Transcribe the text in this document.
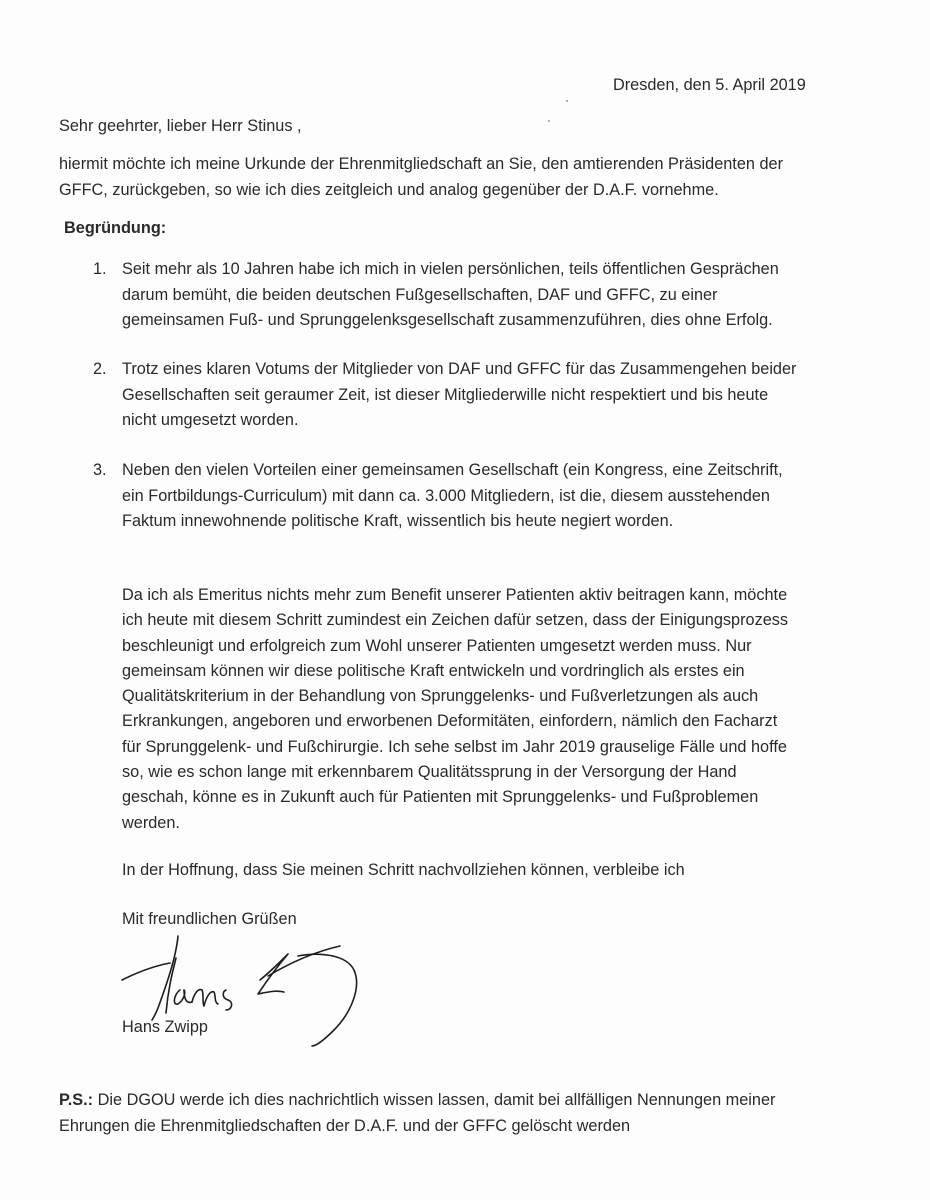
Dresden, den 5. April 2019
Sehr geehrter, lieber Herr Stinus ,
hiermit möchte ich meine Urkunde der Ehrenmitgliedschaft an Sie, den amtierenden Präsidenten der
GFFC, zurückgeben, so wie ich dies zeitgleich und analog gegenüber der D.A.F. vornehme.
Begründung:
1. Seit mehr als 10 Jahren habe ich mich in vielen persönlichen, teils öffentlichen Gesprächen
darum bemüht, die beiden deutschen Fußgesellschaften, DAF und GFFC, zu einer
gemeinsamen Fuß- und Sprunggelenksgesellschaft zusammenzuführen, dies ohne Erfolg.
2. Trotz eines klaren Votums der Mitglieder von DAF und GFFC für das Zusammengehen beider
Gesellschaften seit geraumer Zeit, ist dieser Mitgliederwille nicht respektiert und bis heute
nicht umgesetzt worden.
3. Neben den vielen Vorteilen einer gemeinsamen Gesellschaft (ein Kongress, eine Zeitschrift,
ein Fortbildungs-Curriculum) mit dann ca. 3.000 Mitgliedern, ist die, diesem ausstehenden
Faktum innewohnende politische Kraft, wissentlich bis heute negiert worden.
Da ich als Emeritus nichts mehr zum Benefit unserer Patienten aktiv beitragen kann, möchte
ich heute mit diesem Schritt zumindest ein Zeichen dafür setzen, dass der Einigungsprozess
beschleunigt und erfolgreich zum Wohl unserer Patienten umgesetzt werden muss. Nur
gemeinsam können wir diese politische Kraft entwickeln und vordringlich als erstes ein
Qualitätskriterium in der Behandlung von Sprunggelenks- und Fußverletzungen als auch
Erkrankungen, angeboren und erworbenen Deformitäten, einfordern, nämlich den Facharzt
für Sprunggelenk- und Fußchirurgie. Ich sehe selbst im Jahr 2019 grauselige Fälle und hoffe
so, wie es schon lange mit erkennbarem Qualitätssprung in der Versorgung der Hand
geschah, könne es in Zukunft auch für Patienten mit Sprunggelenks- und Fußproblemen
werden.
In der Hoffnung, dass Sie meinen Schritt nachvollziehen können, verbleibe ich
Mit freundlichen Grüßen
Hans Zwipp
P.S.: Die DGOU werde ich dies nachrichtlich wissen lassen, damit bei allfälligen Nennungen meiner
Ehrungen die Ehrenmitgliedschaften der D.A.F. und der GFFC gelöscht werden
